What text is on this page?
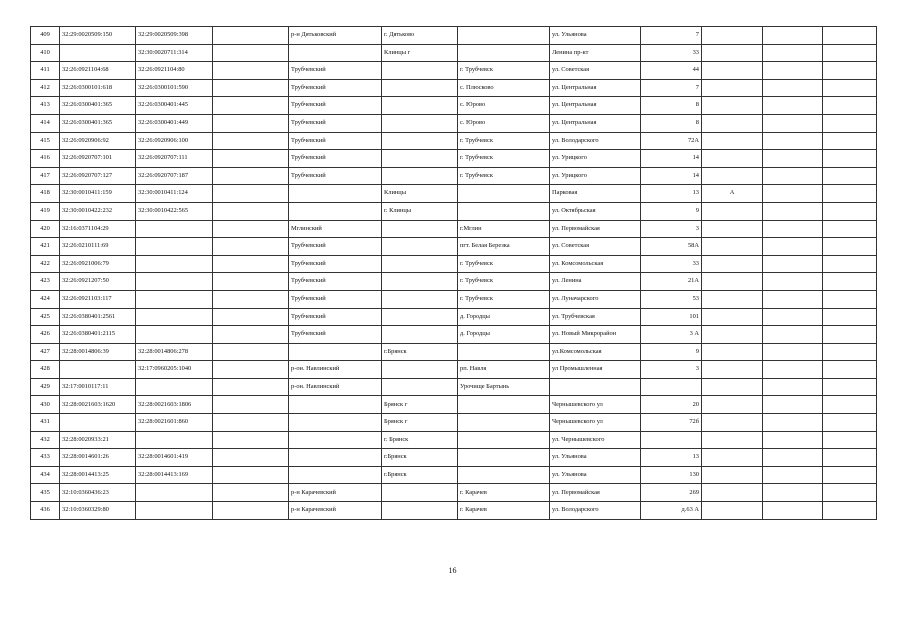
409	32:29:0020509:150	32:29:0020509:398		р-н Дятьковский	г. Дятьково		ул. Ульянова	7			
410		32:30:0020711:314			Клинцы г		Ленина пр-кт	33			
411	32:26:0921104:68	32:26:0921104:80		Трубчевский		г. Трубчевск	ул. Советская	44			
412	32:26:0300101:618	32:26:0300101:590		Трубчевский		с. Плюсково	ул. Центральная	7			
413	32:26:0300401:365	32:26:0300401:445		Трубчевский		с. Юрово	ул. Центральная	8			
414	32:26:0300401:365	32:26:0300401:449		Трубчевский		с. Юрово	ул. Центральная	8			
415	32:26:0920906:92	32:26:0920906:100		Трубчевский		г. Трубчевск	ул. Володарского	72А			
416	32:26:0920707:101	32:26:0920707:111		Трубчевский		г. Трубчевск	ул. Урицкого	14			
417	32:26:0920707:127	32:26:0920707:187		Трубчевский		г. Трубчевск	ул. Урицкого	14			
418	32:30:0010411:159	32:30:0010411:124			Клинцы		Парковая	13	А		
419	32:30:0010422:232	32:30:0010422:565			г. Клинцы		ул. Октябрьская	9			
420	32:16:0371104:29			Мглинский		г.Мглин	ул. Первомайская	3			
421	32:26:0210111:69			Трубчевский		пгт. Белая Березка	ул. Советская	58А			
422	32:26:0921006:79			Трубчевский		г. Трубчевск	ул. Комсомольская	33			
423	32:26:0921207:50			Трубчевский		г. Трубчевск	ул. Ленина	21А			
424	32:26:0921103:117			Трубчевский		г. Трубчевск	ул. Луначарского	53			
425	32:26:0380401:2561			Трубчевский		д. Городцы	ул. Трубчевская	101			
426	32:26:0380401:2115			Трубчевский		д. Городцы	ул. Новый Микрорайон	3 А			
427	32:28:0014806:39	32:28:0014806:278			г.Брянск		ул.Комсомольская	9			
428		32:17:0960205:1040		р-он. Навлинский		рп. Навля	ул Промышленная	3			
429	32:17:0010117:11			р-он. Навлинский		Урочище Бартынь					
430	32:28:0021603:1620	32:28:0021603:1806			Брянск г		Чернышевского ул	20			
431		32:28:0021601:860			Брянск г		Чернышевского ул	72б			
432	32:28:0020933:21				г. Брянск		ул. Чернышевского				
433	32:28:0014601:26	32:28:0014601:419			г.Брянск		ул. Ульянова	13			
434	32:28:0014413:25	32:28:0014413:169			г.Брянск		ул. Ульянова	130			
435	32:10:0360436:23			р-н Карачевский		г. Карачев	ул. Первомайская	269			
436	32:10:0360329:80			р-н Карачевский		г. Карачев	ул. Володарского	д.63 А			
16
